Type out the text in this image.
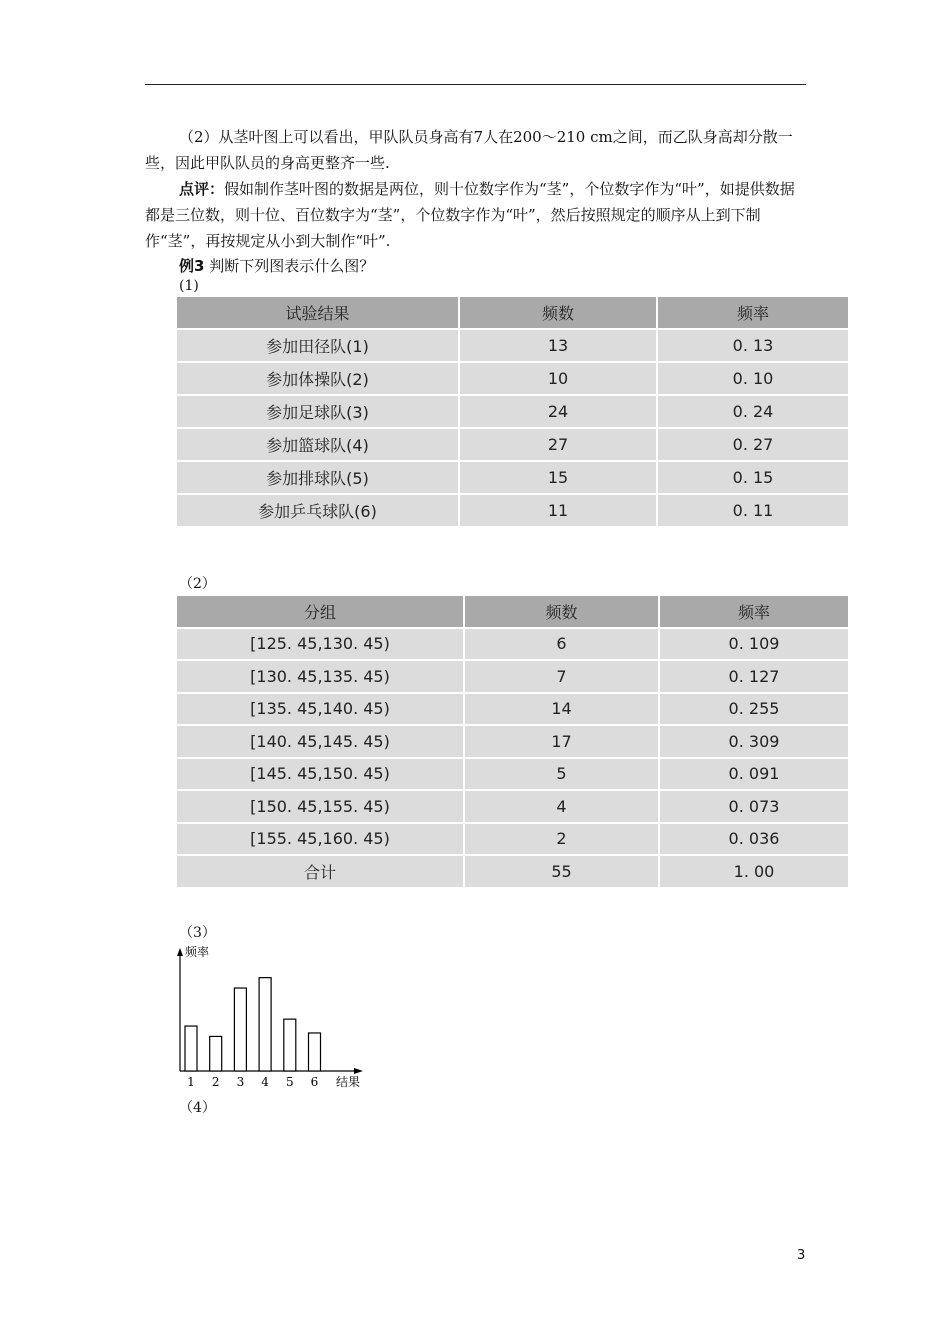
（2）从茎叶图上可以看出，甲队队员身高有7人在200～210 cm之间，而乙队身高却分散一些，因此甲队队员的身高更整齐一些.
点评：假如制作茎叶图的数据是两位，则十位数字作为“茎”，个位数字作为“叶”，如提供数据都是三位数，则十位、百位数字为“茎”，个位数字作为“叶”，然后按照规定的顺序从上到下制作“茎”，再按规定从小到大制作“叶”.
例3 判断下列图表示什么图？
(1)
试验结果	频数	频率
参加田径队(1)	13	0. 13
参加体操队(2)	10	0. 10
参加足球队(3)	24	0. 24
参加篮球队(4)	27	0. 27
参加排球队(5)	15	0. 15
参加乒乓球队(6)	11	0. 11
（2）
分组	频数	频率
[125. 45,130. 45)	6	0. 109
[130. 45,135. 45)	7	0. 127
[135. 45,140. 45)	14	0. 255
[140. 45,145. 45)	17	0. 309
[145. 45,150. 45)	5	0. 091
[150. 45,155. 45)	4	0. 073
[155. 45,160. 45)	2	0. 036
合计	55	1. 00
（3）
频率
结果
1 2 3 4 5 6
（4）
3
